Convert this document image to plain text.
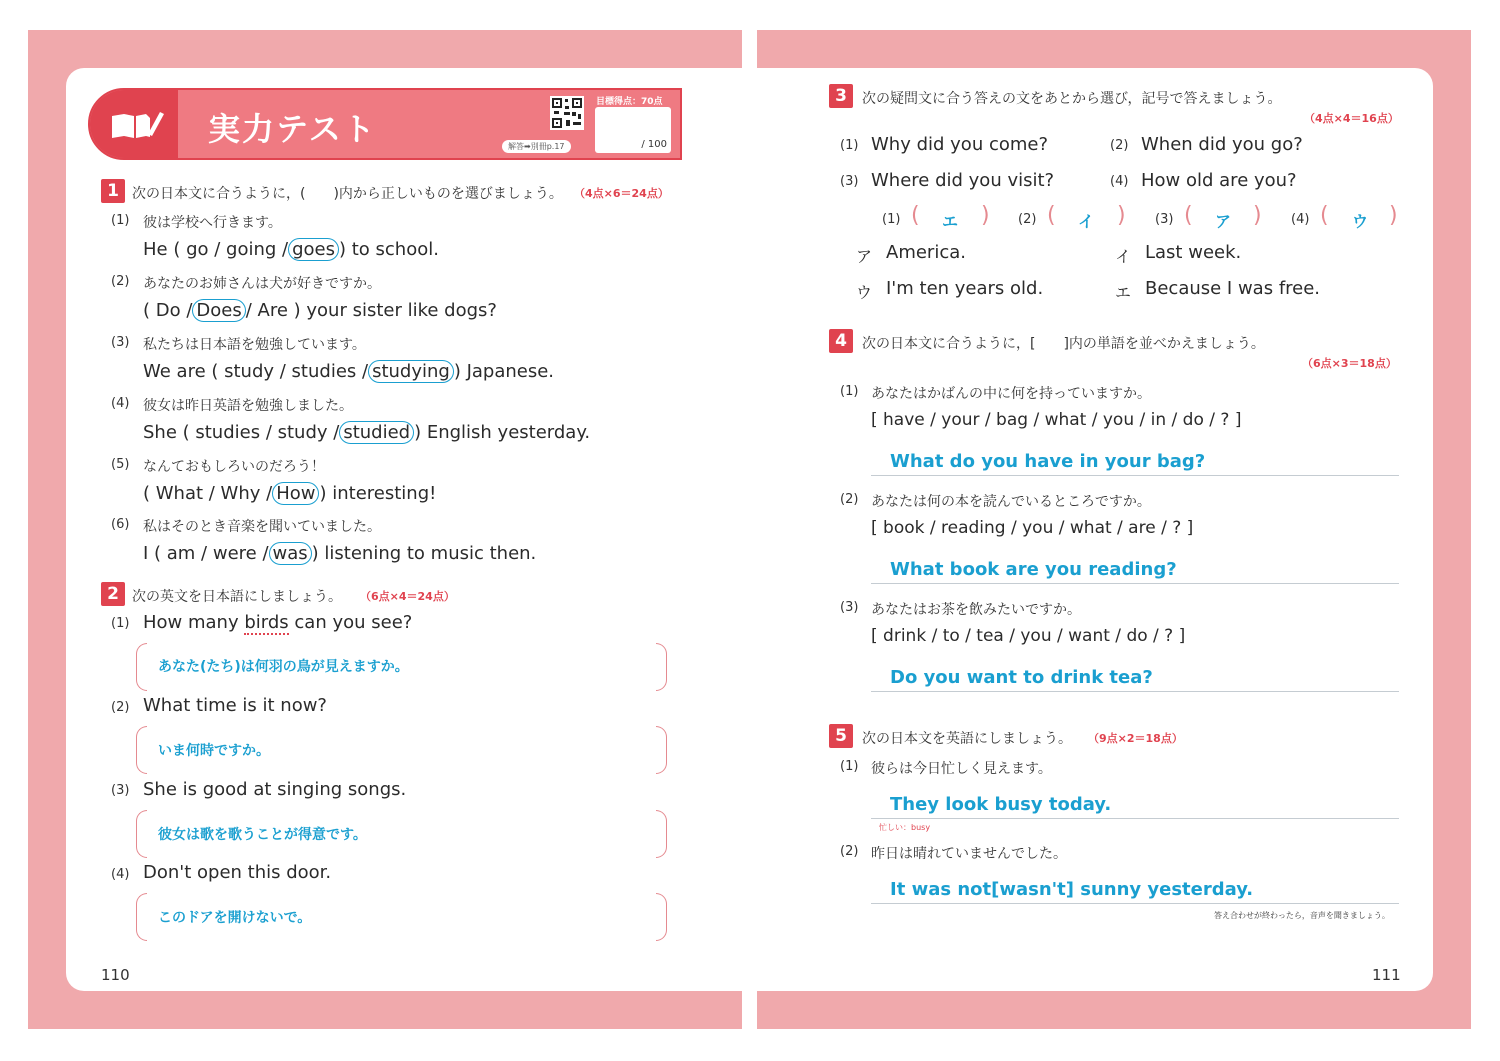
実力テスト	解答➡別冊p.17
目標得点：70点
/ 100
1 次の日本文に合うように，(　　)内から正しいものを選びましょう。 （4点×6＝24点）
(1) 彼は学校へ行きます。
He ( go / going / goes ) to school.
(2) あなたのお姉さんは犬が好きですか。
( Do / Does / Are ) your sister like dogs?
(3) 私たちは日本語を勉強しています。
We are ( study / studies / studying ) Japanese.
(4) 彼女は昨日英語を勉強しました。
She ( studies / study / studied ) English yesterday.
(5) なんておもしろいのだろう！
( What / Why / How ) interesting!
(6) 私はそのとき音楽を聞いていました。
I ( am / were / was ) listening to music then.
2 次の英文を日本語にしましょう。 （6点×4＝24点）
(1) How many birds can you see?
あなた(たち)は何羽の鳥が見えますか。
(2) What time is it now?
いま何時ですか。
(3) She is good at singing songs.
彼女は歌を歌うことが得意です。
(4) Don't open this door.
このドアを開けないで。
110
3	次の疑問文に合う答えの文をあとから選び，記号で答えましょう。
（4点×4＝16点）
(1) Why did you come?	(2) When did you go?
(3) Where did you visit?	(4) How old are you?
(1) ( エ ) (2) ( イ ) (3) ( ア ) (4) ( ウ )
ア America.	イ Last week.
ウ I'm ten years old.	エ Because I was free.
4	次の日本文に合うように，[　　]内の単語を並べかえましょう。
（6点×3＝18点）
(1) あなたはかばんの中に何を持っていますか。
[ have / your / bag / what / you / in / do / ? ]
What do you have in your bag?
(2) あなたは何の本を読んでいるところですか。
[ book / reading / you / what / are / ? ]
What book are you reading?
(3) あなたはお茶を飲みたいですか。
[ drink / to / tea / you / want / do / ? ]
Do you want to drink tea?
5	次の日本文を英語にしましょう。 （9点×2＝18点）
(1) 彼らは今日忙しく見えます。
They look busy today.
忙しい：busy
(2) 昨日は晴れていませんでした。
It was not[wasn't] sunny yesterday.
答え合わせが終わったら，音声を聞きましょう。
111
